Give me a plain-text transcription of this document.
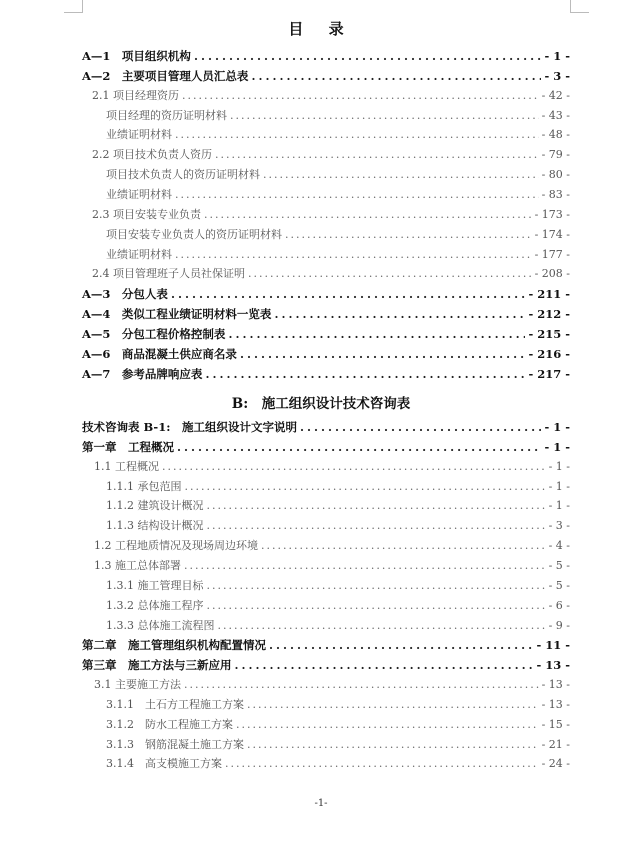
目 录
A—1　项目组织机构 .....	- 1 -
A—2　主要项目管理人员汇总表 .....	- 3 -
2.1 项目经理资历 .....	- 42 -
项目经理的资历证明材料 .....	- 43 -
业绩证明材料 .....	- 48 -
2.2 项目技术负责人资历 .....	- 79 -
项目技术负责人的资历证明材料 .....	- 80 -
业绩证明材料 .....	- 83 -
2.3 项目安装专业负责 .....	- 173 -
项目安装专业负责人的资历证明材料 .....	- 174 -
业绩证明材料 .....	- 177 -
2.4 项目管理班子人员社保证明 .....	- 208 -
A—3　分包人表 .....	- 211 -
A—4　类似工程业绩证明材料一览表 .....	- 212 -
A—5　分包工程价格控制表 .....	- 215 -
A—6　商品混凝土供应商名录 .....	- 216 -
A—7　参考品牌响应表 .....	- 217 -
B:　施工组织设计技术咨询表
技术咨询表 B-1:　施工组织设计文字说明 .....	- 1 -
第一章　工程概况 .....	- 1 -
1.1 工程概况 .....	- 1 -
1.1.1 承包范围 .....	- 1 -
1.1.2 建筑设计概况 .....	- 1 -
1.1.3 结构设计概况 .....	- 3 -
1.2 工程地质情况及现场周边环境 .....	- 4 -
1.3 施工总体部署 .....	- 5 -
1.3.1 施工管理目标 .....	- 5 -
1.3.2 总体施工程序 .....	- 6 -
1.3.3 总体施工流程图 .....	- 9 -
第二章　施工管理组织机构配置情况 .....	- 11 -
第三章　施工方法与三新应用 .....	- 13 -
3.1 主要施工方法 .....	- 13 -
3.1.1　土石方工程施工方案 .....	- 13 -
3.1.2　防水工程施工方案 .....	- 15 -
3.1.3　钢筋混凝土施工方案 .....	- 21 -
3.1.4　高支模施工方案 .....	- 24 -
-1-
